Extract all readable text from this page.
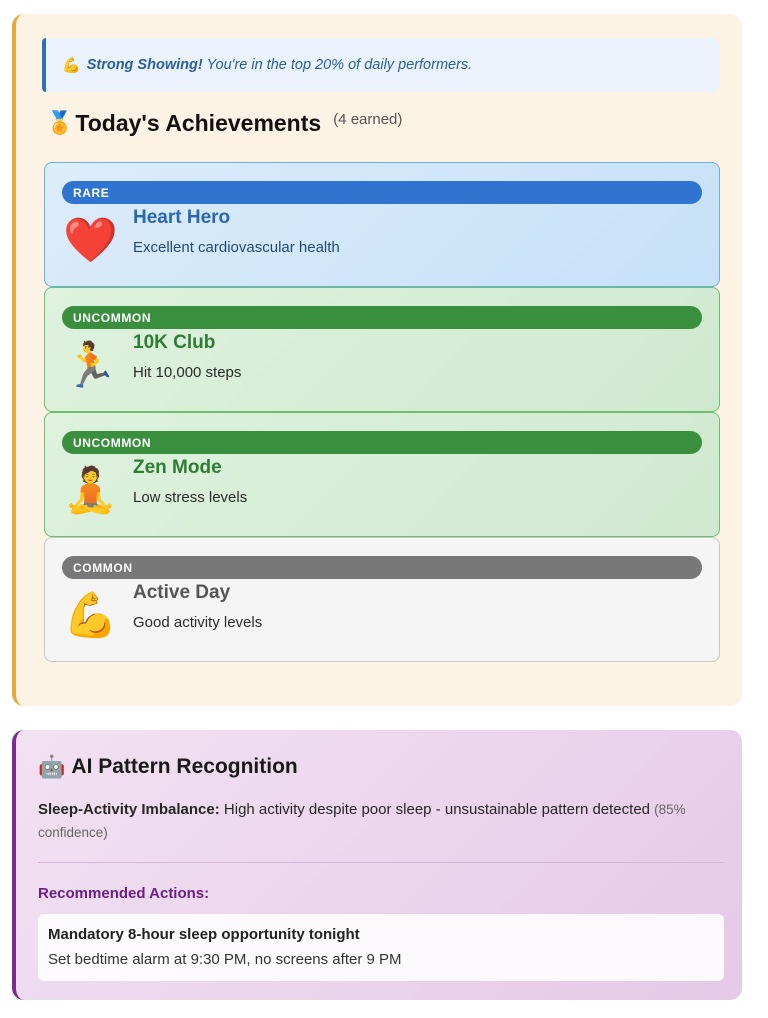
💪 Strong Showing! You're in the top 20% of daily performers.
🏅 Today's Achievements (4 earned)
RARE
❤️ Heart Hero
Excellent cardiovascular health
UNCOMMON
🏃 10K Club
Hit 10,000 steps
UNCOMMON
🧘 Zen Mode
Low stress levels
COMMON
💪 Active Day
Good activity levels
🤖 AI Pattern Recognition
Sleep-Activity Imbalance: High activity despite poor sleep - unsustainable pattern detected (85% confidence)
Recommended Actions:
Mandatory 8-hour sleep opportunity tonight
Set bedtime alarm at 9:30 PM, no screens after 9 PM
